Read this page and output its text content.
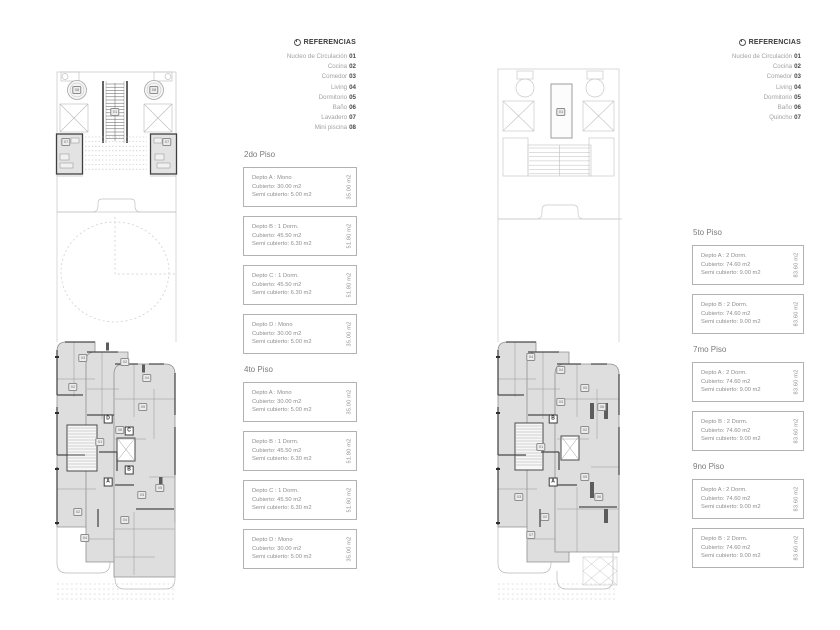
08	08
01
07	07
03
02
04
02
05
06
01
03
02
05
04
04
D
C
B
A
01
04
04
03
05
06
02
01
05
03	06
02
07
B
A
REFERENCIAS
Nucleo de Circulación 01
Cocina 02
Comedor 03
Living 04
Dormitorio 05
Baño 06
Lavadero 07
Mini piscina 08
REFERENCIAS
Nucleo de Circulación 01
Cocina 02
Comedor 03
Living 04
Dormitorio 05
Baño 06
Quincho 07
2do Piso
Depto A : Mono
Cubierto: 30.00 m2
Semi cubierto: 5.00 m2	35.00 m2
Depto B : 1 Dorm.
Cubierto: 45.50 m2
Semi cubierto: 6.30 m2	51.80 m2
Depto C : 1 Dorm.
Cubierto: 45.50 m2
Semi cubierto: 6.30 m2	51.80 m2
Depto D : Mono
Cubierto: 30.00 m2
Semi cubierto: 5.00 m2	35.00 m2
4to Piso
Depto A : Mono
Cubierto: 30.00 m2
Semi cubierto: 5.00 m2	35.00 m2
Depto B : 1 Dorm.
Cubierto: 45.50 m2
Semi cubierto: 6.30 m2	51.80 m2
Depto C : 1 Dorm.
Cubierto: 45.50 m2
Semi cubierto: 6.30 m2	51.80 m2
Depto D : Mono
Cubierto: 30.00 m2
Semi cubierto: 5.00 m2	35.00 m2
5to Piso
Depto A : 2 Dorm.
Cubierto: 74.60 m2
Semi cubierto: 9.00 m2	83.60 m2
Depto B : 2 Dorm.
Cubierto: 74.60 m2
Semi cubierto: 9.00 m2	83.60 m2
7mo Piso
Depto A : 2 Dorm.
Cubierto: 74.60 m2
Semi cubierto: 9.00 m2	83.60 m2
Depto B : 2 Dorm.
Cubierto: 74.60 m2
Semi cubierto: 9.00 m2	83.60 m2
9no Piso
Depto A : 2 Dorm.
Cubierto: 74.60 m2
Semi cubierto: 9.00 m2	83.60 m2
Depto B : 2 Dorm.
Cubierto: 74.60 m2
Semi cubierto: 9.00 m2	83.60 m2
